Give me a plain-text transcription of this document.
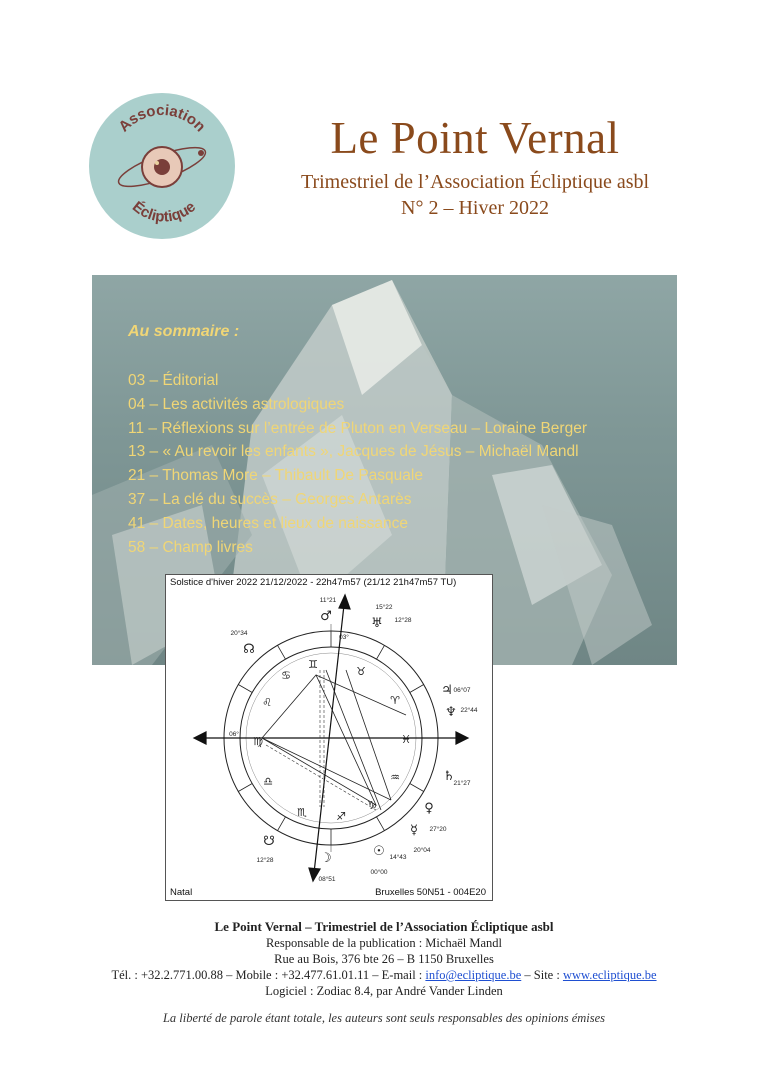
Association
Écliptique
Le Point Vernal
Trimestriel de l’Association Écliptique asbl
N° 2 – Hiver 2022
Au sommaire :
03 – Éditorial
04 – Les activités astrologiques
11 – Réflexions sur l’entrée de Pluton en Verseau – Loraine Berger
13 – « Au revoir les enfants », Jacques de Jésus – Michaël Mandl
21 – Thomas More – Thibault De Pasquale
37 – La clé du succès – Georges Antarès
41 – Dates, heures et lieux de naissance
58 – Champ livres
♊
♉
♈
♓
♒
♑
♐
♏
♎
♍
♌
♋
♂	♅
☊
♃
♆
♄
♀
☿
☉
☽
☋
11°21
15°22
12°28
20°34
06°07
22°44
06°
21°27
27°20
20°04
14°43
00°00
08°51
12°28
03°
Solstice d'hiver 2022 21/12/2022 - 22h47m57 (21/12 21h47m57 TU)
Natal	Bruxelles 50N51 - 004E20
Le Point Vernal – Trimestriel de l’Association Écliptique asbl
Responsable de la publication : Michaël Mandl
Rue au Bois, 376 bte 26 – B 1150 Bruxelles
Tél. : +32.2.771.00.88 – Mobile : +32.477.61.01.11 – E-mail : info@ecliptique.be – Site : www.ecliptique.be
Logiciel : Zodiac 8.4, par André Vander Linden
La liberté de parole étant totale, les auteurs sont seuls responsables des opinions émises
